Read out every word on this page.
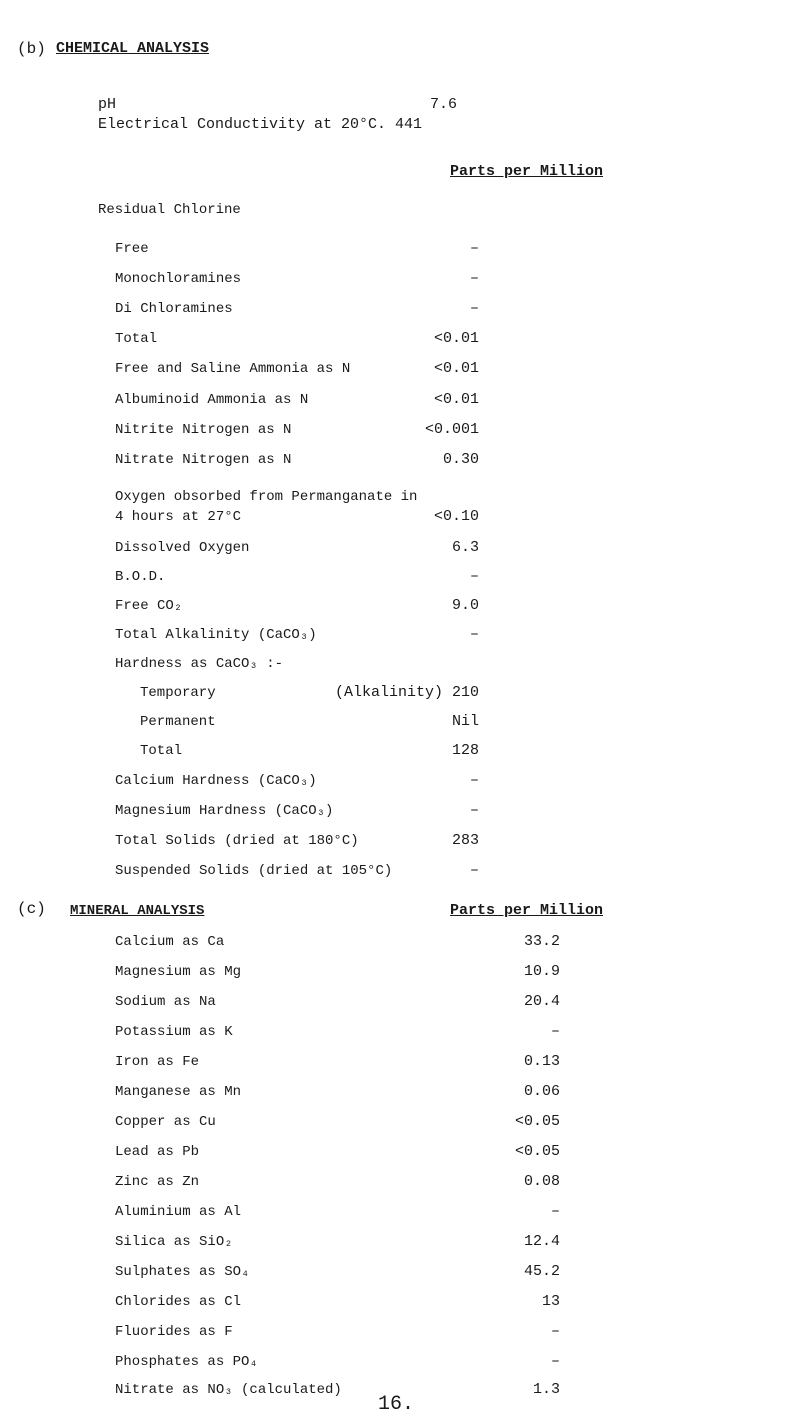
(b) CHEMICAL ANALYSIS
pH	7.6
Electrical Conductivity at 20°C. 441
Parts per Million
Residual Chlorine
Free	–
Monochloramines	–
Di Chloramines	–
Total	<0.01
Free and Saline Ammonia as N	<0.01
Albuminoid Ammonia as N	<0.01
Nitrite Nitrogen as N	<0.001
Nitrate Nitrogen as N	0.30
Oxygen obsorbed from Permanganate in
4 hours at 27°C	<0.10
Dissolved Oxygen	6.3
B.O.D.	–
Free CO₂	9.0
Total Alkalinity (CaCO₃)	–
Hardness as CaCO₃ :-
Temporary	(Alkalinity) 210
Permanent	Nil
Total	128
Calcium Hardness (CaCO₃)	–
Magnesium Hardness (CaCO₃)	–
Total Solids (dried at 180°C)	283
Suspended Solids (dried at 105°C)	–
(c) MINERAL ANALYSIS	Parts per Million
Calcium as Ca	33.2
Magnesium as Mg	10.9
Sodium as Na	20.4
Potassium as K	–
Iron as Fe	0.13
Manganese as Mn	0.06
Copper as Cu	<0.05
Lead as Pb	<0.05
Zinc as Zn	0.08
Aluminium as Al	–
Silica as SiO₂	12.4
Sulphates as SO₄	45.2
Chlorides as Cl	13
Fluorides as F	–
Phosphates as PO₄	–
Nitrate as NO₃ (calculated)	1.3
16.
